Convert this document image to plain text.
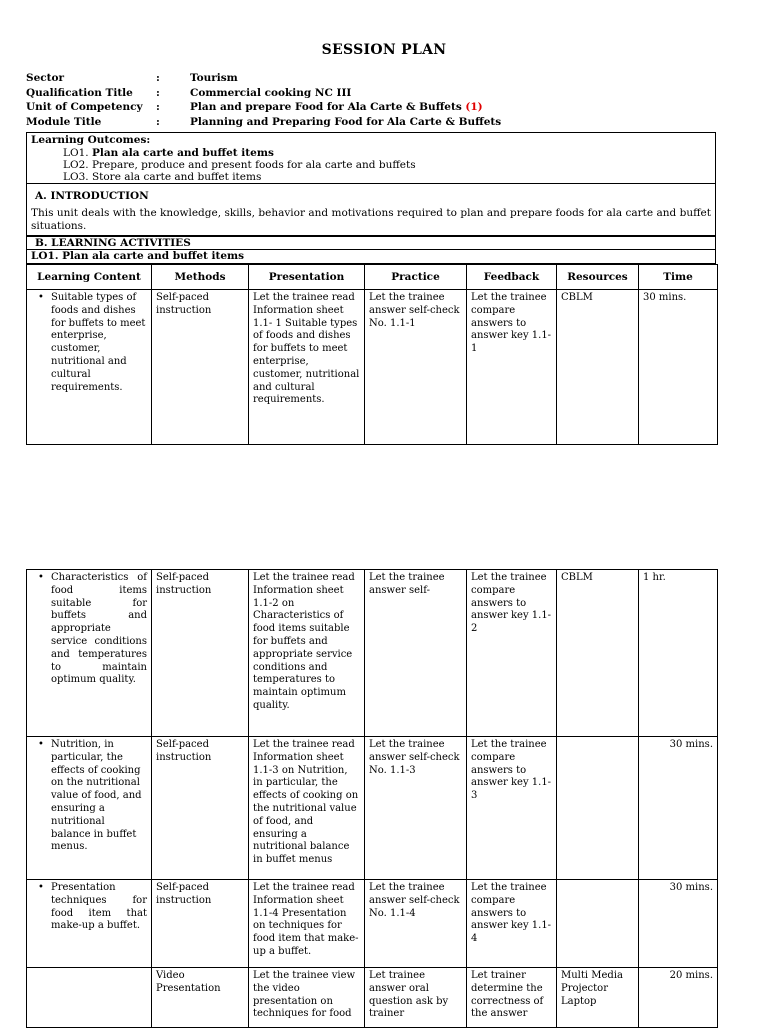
SESSION PLAN
Sector	:	Tourism
Qualification Title :	Commercial cooking NC III
Unit of Competency :	Plan and prepare Food for Ala Carte & Buffets (1)
Module Title	:	Planning and Preparing Food for Ala Carte & Buffets
Learning Outcomes:
LO1. Plan ala carte and buffet items
LO2. Prepare, produce and present foods for ala carte and buffets
LO3. Store ala carte and buffet items
A. INTRODUCTION
This unit deals with the knowledge, skills, behavior and motivations required to plan and prepare foods for ala carte and buffet situations.
B. LEARNING ACTIVITIES
LO1. Plan ala carte and buffet items
Learning Content	Methods	Presentation	Practice	Feedback	Resources	Time

• Suitable types of foods and dishes for buffets to meet enterprise, customer, nutritional and cultural requirements.	Self-paced instruction	Let the trainee read Information sheet 1.1- 1 Suitable types of foods and dishes for buffets to meet enterprise, customer, nutritional and cultural requirements.	Let the trainee answer self-check No. 1.1-1	Let the trainee compare answers to answer key 1.1-1	CBLM	30 mins.
• Characteristics of food items suitable for buffets and appropriate service conditions and temperatures to maintain optimum quality.	Self-paced instruction	Let the trainee read Information sheet 1.1-2 on Characteristics of food items suitable for buffets and appropriate service conditions and temperatures to maintain optimum quality.	Let the trainee answer self-	Let the trainee compare answers to answer key 1.1-2	CBLM	1 hr.

• Nutrition, in particular, the effects of cooking on the nutritional value of food, and ensuring a nutritional balance in buffet menus.	Self-paced instruction	Let the trainee read Information sheet 1.1-3 on Nutrition, in particular, the effects of cooking on the nutritional value of food, and ensuring a nutritional balance in buffet menus	Let the trainee answer self-check No. 1.1-3	Let the trainee compare answers to answer key 1.1-3		30 mins.

• Presentation techniques for food item that make-up a buffet.	Self-paced instruction	Let the trainee read Information sheet 1.1-4 Presentation on techniques for food item that make-up a buffet.	Let the trainee answer self-check No. 1.1-4	Let the trainee compare answers to answer key 1.1-4		30 mins.
	Video Presentation	Let the trainee view the video presentation on techniques for food	Let trainee answer oral question ask by trainer	Let trainer determine the correctness of the answer	Multi Media Projector Laptop	20 mins.
